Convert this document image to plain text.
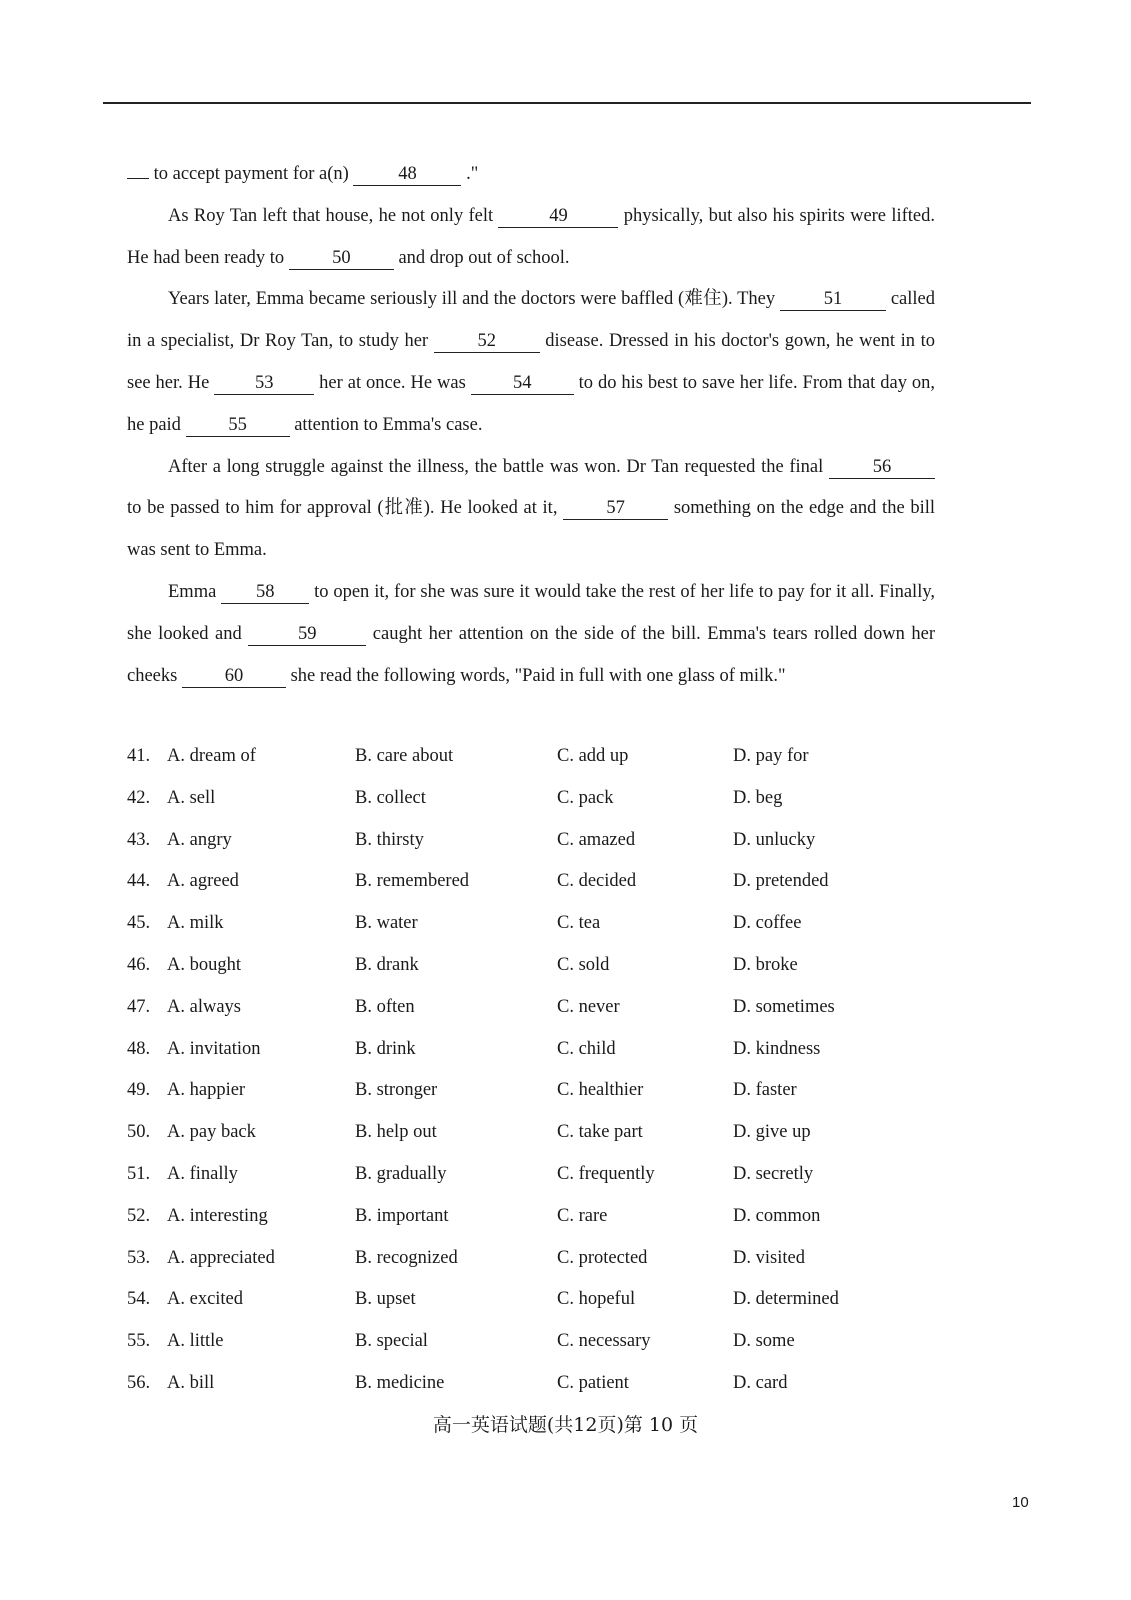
to accept payment for a(n)	48	."

As Roy Tan left that house, he not only felt	49	physically, but also his spirits were lifted. He had been ready to	50	and drop out of school.

Years later, Emma became seriously ill and the doctors were baffled (难住). They	51	called in a specialist, Dr Roy Tan, to study her	52	disease. Dressed in his doctor's gown, he went in to see her. He 53 her at once. He was	54	to do his best to save her life. From that day on, he paid	55	attention to Emma's case.

After a long struggle against the illness, the battle was won. Dr Tan requested the final	56 to be passed to him for approval (批准). He looked at it,	57	something on the edge and the bill was sent to Emma.

Emma 58 to open it, for she was sure it would take the rest of her life to pay for it all. Finally, she looked and	59	caught her attention on the side of the bill. Emma's tears rolled down her cheeks	60	she read the following words, "Paid in full with one glass of milk."

41. A. dream of	B. care about	C. add up	D. pay for
42. A. sell	B. collect	C. pack	D. beg
43. A. angry	B. thirsty	C. amazed	D. unlucky
44. A. agreed	B. remembered	C. decided	D. pretended
45. A. milk	B. water	C. tea	D. coffee
46. A. bought	B. drank	C. sold	D. broke
47. A. always	B. often	C. never	D. sometimes
48. A. invitation	B. drink	C. child	D. kindness
49. A. happier	B. stronger	C. healthier	D. faster
50. A. pay back	B. help out	C. take part	D. give up
51. A. finally	B. gradually	C. frequently	D. secretly
52. A. interesting	B. important	C. rare	D. common
53. A. appreciated	B. recognized	C. protected	D. visited
54. A. excited	B. upset	C. hopeful	D. determined
55. A. little	B. special	C. necessary	D. some
56. A. bill	B. medicine	C. patient	D. card
高一英语试题(共12页)第 10 页
10
